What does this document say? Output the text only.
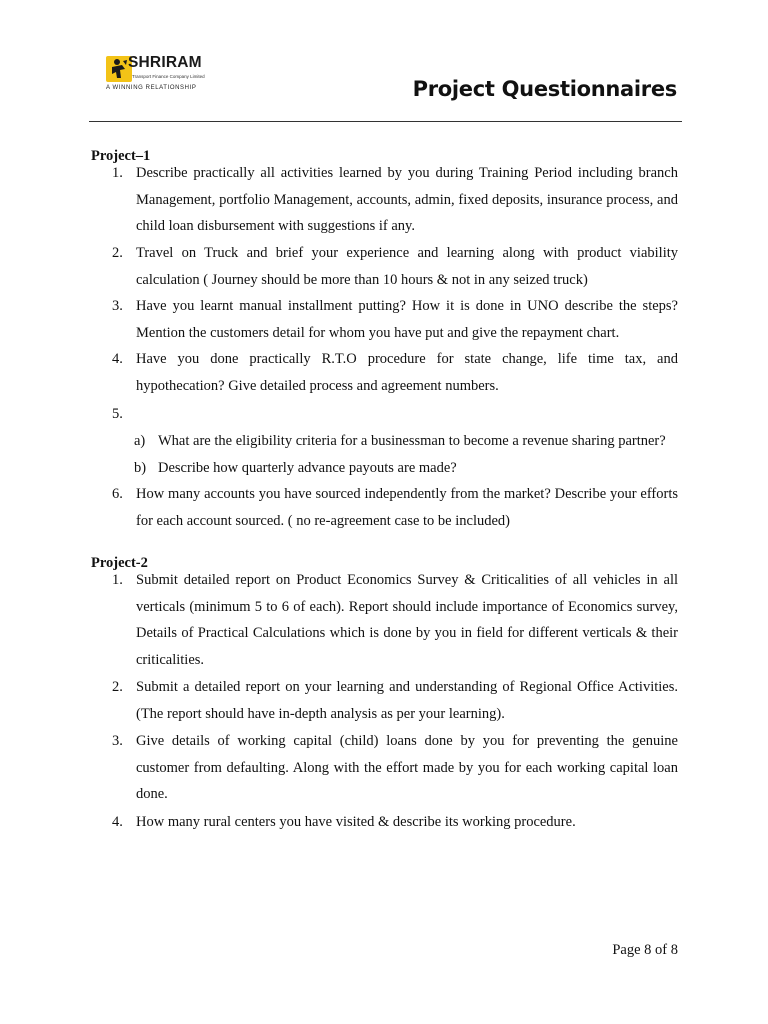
SHRIRAM
Transport Finance Company Limited
A WINNING RELATIONSHIP	Project Questionnaires
Project–1
1. Describe practically all activities learned by you during Training Period including branch Management, portfolio Management, accounts, admin, fixed deposits, insurance process, and child loan disbursement with suggestions if any.
2. Travel on Truck and brief your experience and learning along with product viability calculation ( Journey should be more than 10 hours & not in any seized truck)
3. Have you learnt manual installment putting? How it is done in UNO describe the steps? Mention the customers detail for whom you have put and give the repayment chart.
4. Have you done practically R.T.O procedure for state change, life time tax, and hypothecation? Give detailed process and agreement numbers.
5.
a) What are the eligibility criteria for a businessman to become a revenue sharing partner?
b) Describe how quarterly advance payouts are made?
6. How many accounts you have sourced independently from the market? Describe your efforts for each account sourced. ( no re-agreement case to be included)
Project-2
1. Submit detailed report on Product Economics Survey & Criticalities of all vehicles in all verticals (minimum 5 to 6 of each). Report should include importance of Economics survey, Details of Practical Calculations which is done by you in field for different verticals & their criticalities.
2. Submit a detailed report on your learning and understanding of Regional Office Activities. (The report should have in-depth analysis as per your learning).
3. Give details of working capital (child) loans done by you for preventing the genuine customer from defaulting. Along with the effort made by you for each working capital loan done.
4. How many rural centers you have visited & describe its working procedure.
Page 8 of 8
